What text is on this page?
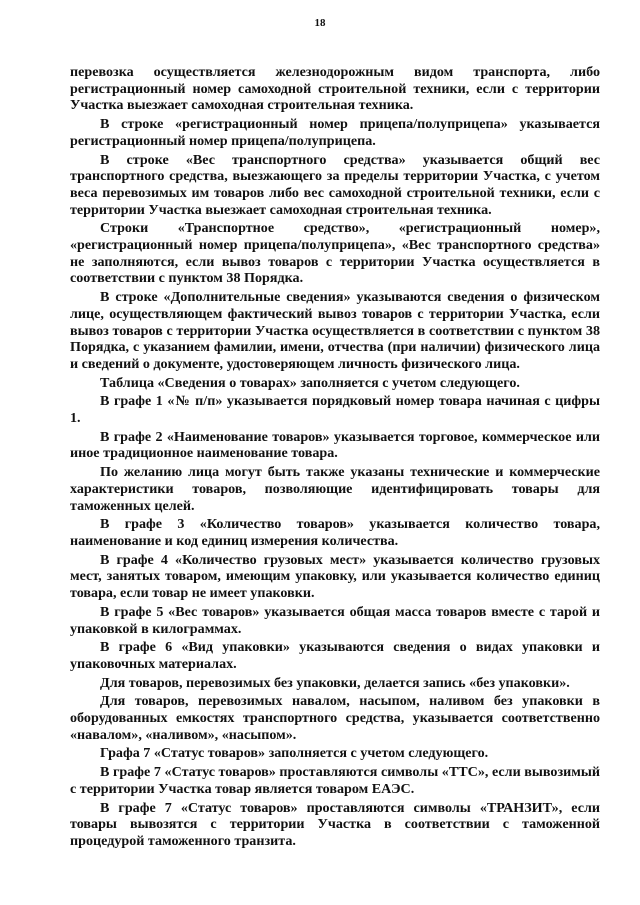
18

перевозка осуществляется железнодорожным видом транспорта, либо регистрационный номер самоходной строительной техники, если с территории Участка выезжает самоходная строительная техника.

В строке «регистрационный номер прицепа/полуприцепа» указывается регистрационный номер прицепа/полуприцепа.

В строке «Вес транспортного средства» указывается общий вес транспортного средства, выезжающего за пределы территории Участка, с учетом веса перевозимых им товаров либо вес самоходной строительной техники, если с территории Участка выезжает самоходная строительная техника.

Строки «Транспортное средство», «регистрационный номер», «регистрационный номер прицепа/полуприцепа», «Вес транспортного средства» не заполняются, если вывоз товаров с территории Участка осуществляется в соответствии с пунктом 38 Порядка.

В строке «Дополнительные сведения» указываются сведения о физическом лице, осуществляющем фактический вывоз товаров с территории Участка, если вывоз товаров с территории Участка осуществляется в соответствии с пунктом 38 Порядка, с указанием фамилии, имени, отчества (при наличии) физического лица и сведений о документе, удостоверяющем личность физического лица.

Таблица «Сведения о товарах» заполняется с учетом следующего.

В графе 1 «№ п/п» указывается порядковый номер товара начиная с цифры 1.

В графе 2 «Наименование товаров» указывается торговое, коммерческое или иное традиционное наименование товара.

По желанию лица могут быть также указаны технические и коммерческие характеристики товаров, позволяющие идентифицировать товары для таможенных целей.

В графе 3 «Количество товаров» указывается количество товара, наименование и код единиц измерения количества.

В графе 4 «Количество грузовых мест» указывается количество грузовых мест, занятых товаром, имеющим упаковку, или указывается количество единиц товара, если товар не имеет упаковки.

В графе 5 «Вес товаров» указывается общая масса товаров вместе с тарой и упаковкой в килограммах.

В графе 6 «Вид упаковки» указываются сведения о видах упаковки и упаковочных материалах.

Для товаров, перевозимых без упаковки, делается запись «без упаковки».

Для товаров, перевозимых навалом, насыпом, наливом без упаковки в оборудованных емкостях транспортного средства, указывается соответственно «навалом», «наливом», «насыпом».

Графа 7 «Статус товаров» заполняется с учетом следующего.

В графе 7 «Статус товаров» проставляются символы «ТТС», если вывозимый с территории Участка товар является товаром ЕАЭС.

В графе 7 «Статус товаров» проставляются символы «ТРАНЗИТ», если товары вывозятся с территории Участка в соответствии с таможенной процедурой таможенного транзита.
